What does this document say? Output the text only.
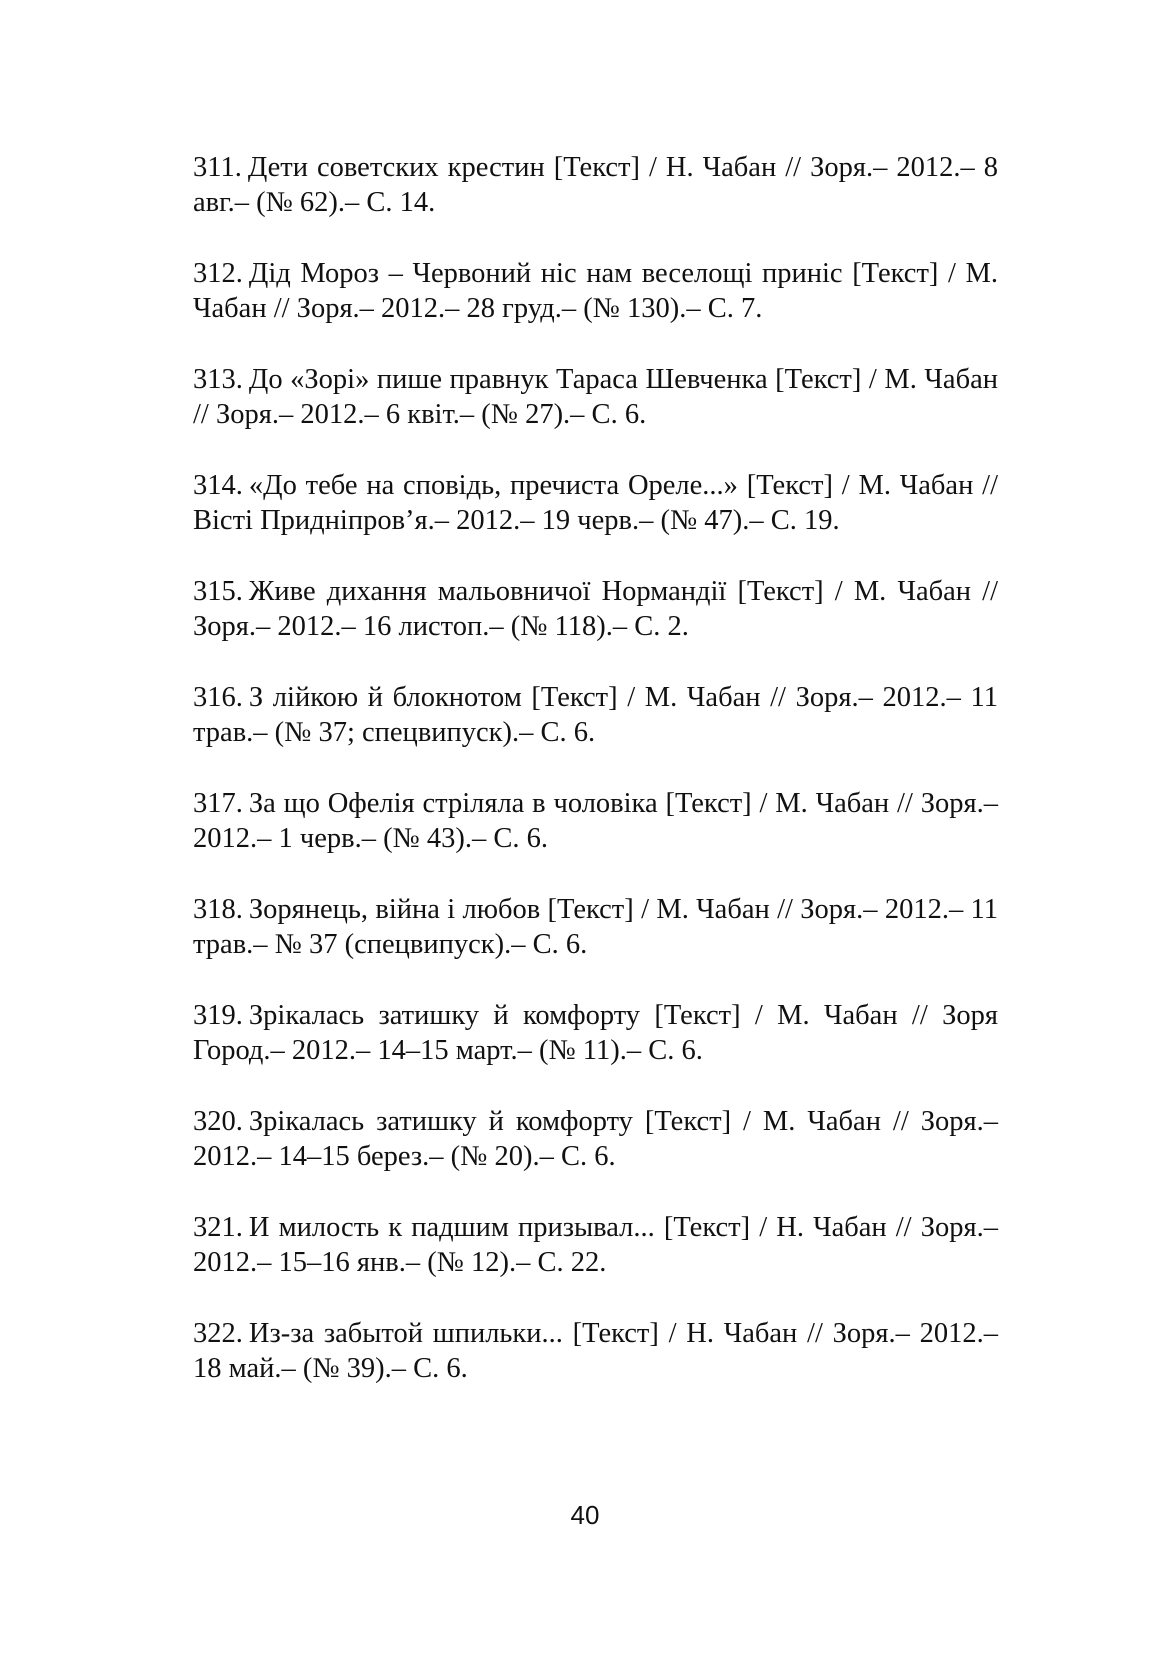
311. Дети советских крестин [Текст] / Н. Чабан // Зоря.– 2012.– 8 авг.– (№ 62).– С. 14.

312. Дід Мороз – Червоний ніс нам веселощі приніс [Текст] / М. Чабан // Зоря.– 2012.– 28 груд.– (№ 130).– С. 7.

313. До «Зорі» пише правнук Тараса Шевченка [Текст] / М. Чабан // Зоря.– 2012.– 6 квіт.– (№ 27).– С. 6.

314. «До тебе на сповідь, пречиста Ореле...» [Текст] / М. Чабан // Вісті Придніпров’я.– 2012.– 19 черв.– (№ 47).– С. 19.

315. Живе дихання мальовничої Нормандії [Текст] / М. Чабан // Зоря.– 2012.– 16 листоп.– (№ 118).– С. 2.

316. З лійкою й блокнотом [Текст] / М. Чабан // Зоря.– 2012.– 11 трав.– (№ 37; спецвипуск).– С. 6.

317. За що Офелія стріляла в чоловіка [Текст] / М. Чабан // Зоря.– 2012.– 1 черв.– (№ 43).– С. 6.

318. Зорянець, війна і любов [Текст] / М. Чабан // Зоря.– 2012.– 11 трав.– № 37 (спецвипуск).– С. 6.

319. Зрікалась затишку й комфорту [Текст] / М. Чабан // Зоря Город.– 2012.– 14–15 март.– (№ 11).– С. 6.

320. Зрікалась затишку й комфорту [Текст] / М. Чабан // Зоря.– 2012.– 14–15 берез.– (№ 20).– С. 6.

321. И милость к падшим призывал... [Текст] / Н. Чабан // Зоря.– 2012.– 15–16 янв.– (№ 12).– С. 22.

322. Из-за забытой шпильки... [Текст] / Н. Чабан // Зоря.– 2012.– 18 май.– (№ 39).– С. 6.

40
